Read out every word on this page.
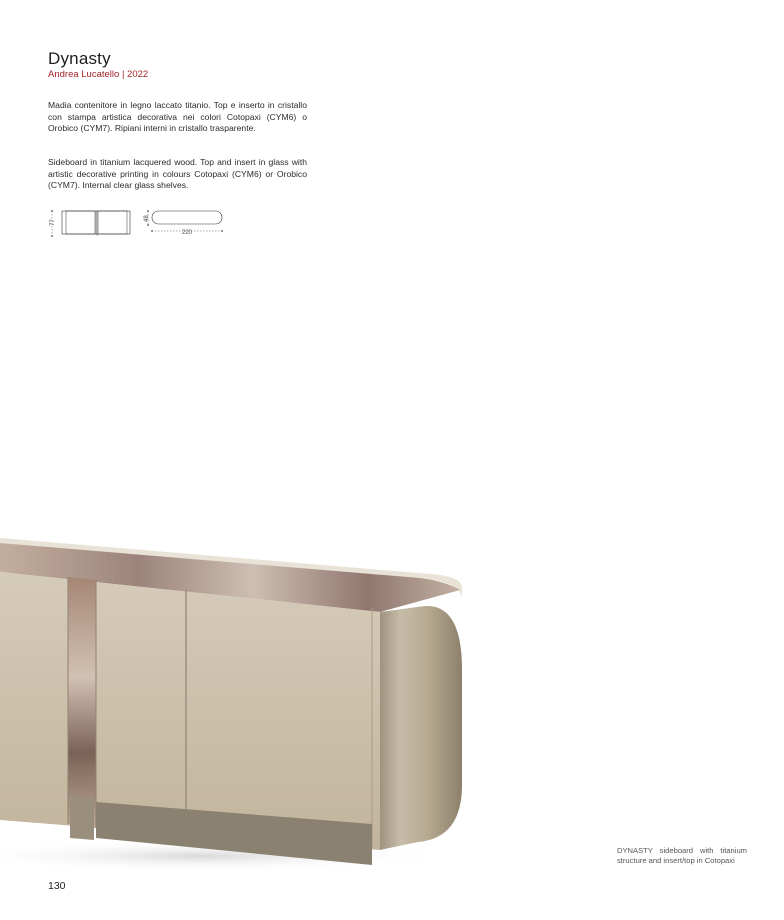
Dynasty
Andrea Lucatello | 2022
Madia contenitore in legno laccato titanio. Top e inserto in cristallo con stampa artistica decorativa nei colori Cotopaxi (CYM6) o Orobico (CYM7). Ripiani interni in cristallo trasparente.
Sideboard in titanium lacquered wood. Top and insert in glass with artistic decorative printing in colours Cotopaxi (CYM6) or Orobico (CYM7). Internal clear glass shelves.
77
48
220
DYNASTY sideboard with titanium structure and insert/top in Cotopaxi
130
